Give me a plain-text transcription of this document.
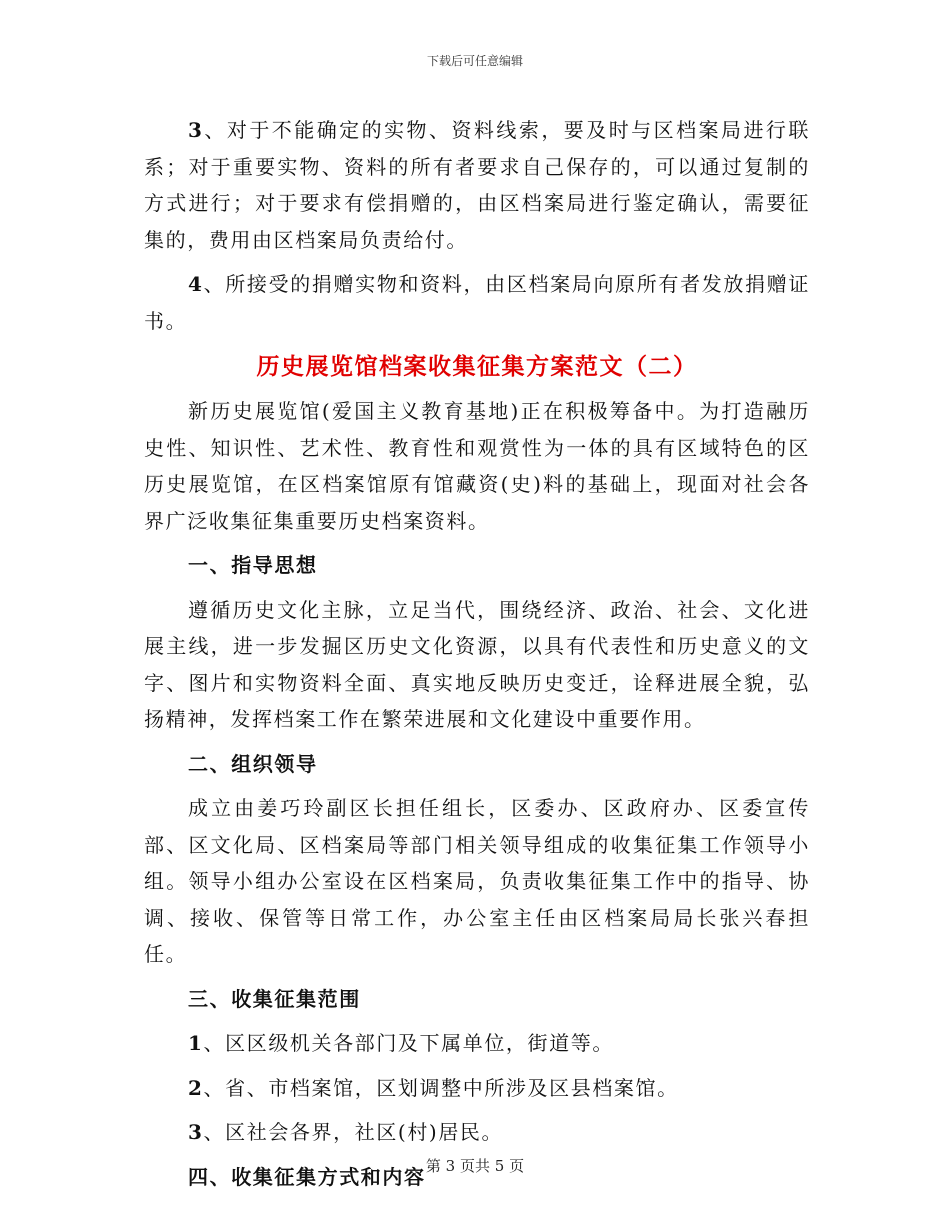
下载后可任意编辑

3、对于不能确定的实物、资料线索，要及时与区档案局进行联系；对于重要实物、资料的所有者要求自己保存的，可以通过复制的方式进行；对于要求有偿捐赠的，由区档案局进行鉴定确认，需要征集的，费用由区档案局负责给付。

4、所接受的捐赠实物和资料，由区档案局向原所有者发放捐赠证书。

历史展览馆档案收集征集方案范文（二）

新历史展览馆(爱国主义教育基地)正在积极筹备中。为打造融历史性、知识性、艺术性、教育性和观赏性为一体的具有区域特色的区历史展览馆，在区档案馆原有馆藏资(史)料的基础上，现面对社会各界广泛收集征集重要历史档案资料。

一、指导思想

遵循历史文化主脉，立足当代，围绕经济、政治、社会、文化进展主线，进一步发掘区历史文化资源，以具有代表性和历史意义的文字、图片和实物资料全面、真实地反映历史变迁，诠释进展全貌，弘扬精神，发挥档案工作在繁荣进展和文化建设中重要作用。

二、组织领导

成立由姜巧玲副区长担任组长，区委办、区政府办、区委宣传部、区文化局、区档案局等部门相关领导组成的收集征集工作领导小组。领导小组办公室设在区档案局，负责收集征集工作中的指导、协调、接收、保管等日常工作，办公室主任由区档案局局长张兴春担任。

三、收集征集范围

1、区区级机关各部门及下属单位，街道等。

2、省、市档案馆，区划调整中所涉及区县档案馆。

3、区社会各界，社区(村)居民。

四、收集征集方式和内容 第 3 页共 5 页
